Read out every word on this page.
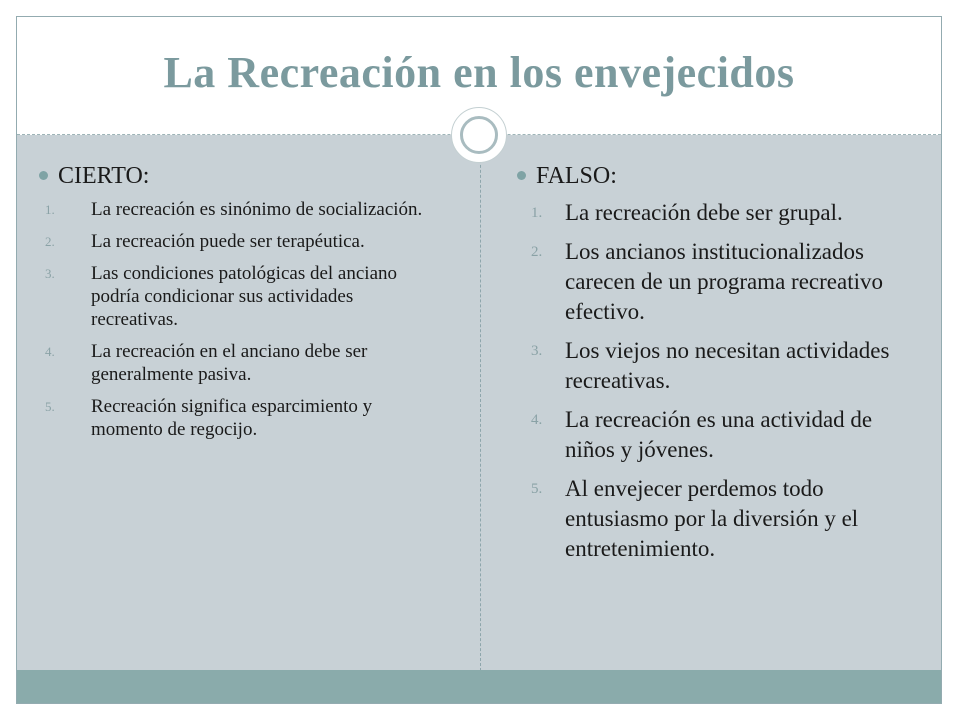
La Recreación en los envejecidos
CIERTO:
1.	La recreación es sinónimo de socialización.
2.	La recreación puede ser terapéutica.
3.	Las condiciones patológicas del anciano podría condicionar sus actividades recreativas.
4.	La recreación en el anciano debe ser generalmente pasiva.
5.	Recreación significa esparcimiento y momento de regocijo.
FALSO:
1. La recreación debe ser grupal.
2. Los ancianos institucionalizados carecen de un programa recreativo efectivo.
3. Los viejos no necesitan actividades recreativas.
4. La recreación es una actividad de niños y jóvenes.
5. Al envejecer perdemos todo entusiasmo por la diversión y el entretenimiento.
